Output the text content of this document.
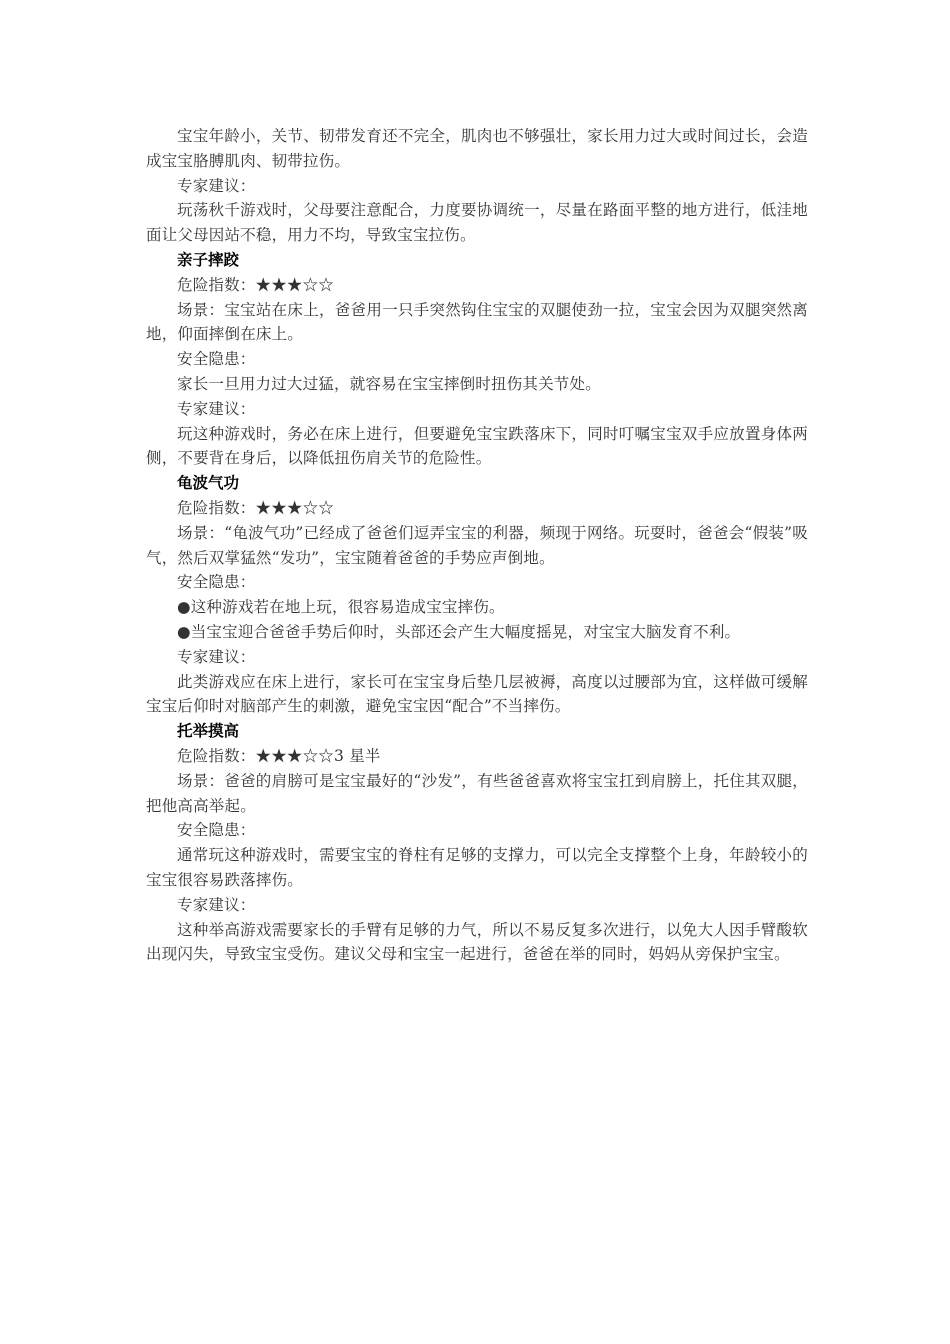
宝宝年龄小，关节、韧带发育还不完全，肌肉也不够强壮，家长用力过大或时间过长，会造成宝宝胳膊肌肉、韧带拉伤。

专家建议：

玩荡秋千游戏时，父母要注意配合，力度要协调统一，尽量在路面平整的地方进行，低洼地面让父母因站不稳，用力不均，导致宝宝拉伤。

亲子摔跤

危险指数：★★★☆☆

场景：宝宝站在床上，爸爸用一只手突然钩住宝宝的双腿使劲一拉，宝宝会因为双腿突然离地，仰面摔倒在床上。

安全隐患：

家长一旦用力过大过猛，就容易在宝宝摔倒时扭伤其关节处。

专家建议：

玩这种游戏时，务必在床上进行，但要避免宝宝跌落床下，同时叮嘱宝宝双手应放置身体两侧，不要背在身后，以降低扭伤肩关节的危险性。

龟波气功

危险指数：★★★☆☆

场景：“龟波气功”已经成了爸爸们逗弄宝宝的利器，频现于网络。玩耍时，爸爸会“假装”吸气，然后双掌猛然“发功”，宝宝随着爸爸的手势应声倒地。

安全隐患：

●这种游戏若在地上玩，很容易造成宝宝摔伤。

●当宝宝迎合爸爸手势后仰时，头部还会产生大幅度摇晃，对宝宝大脑发育不利。

专家建议：

此类游戏应在床上进行，家长可在宝宝身后垫几层被褥，高度以过腰部为宜，这样做可缓解宝宝后仰时对脑部产生的刺激，避免宝宝因“配合”不当摔伤。

托举摸高

危险指数：★★★☆☆3 星半

场景：爸爸的肩膀可是宝宝最好的“沙发”，有些爸爸喜欢将宝宝扛到肩膀上，托住其双腿，把他高高举起。

安全隐患：

通常玩这种游戏时，需要宝宝的脊柱有足够的支撑力，可以完全支撑整个上身，年龄较小的宝宝很容易跌落摔伤。

专家建议：

这种举高游戏需要家长的手臂有足够的力气，所以不易反复多次进行，以免大人因手臂酸软出现闪失，导致宝宝受伤。建议父母和宝宝一起进行，爸爸在举的同时，妈妈从旁保护宝宝。
